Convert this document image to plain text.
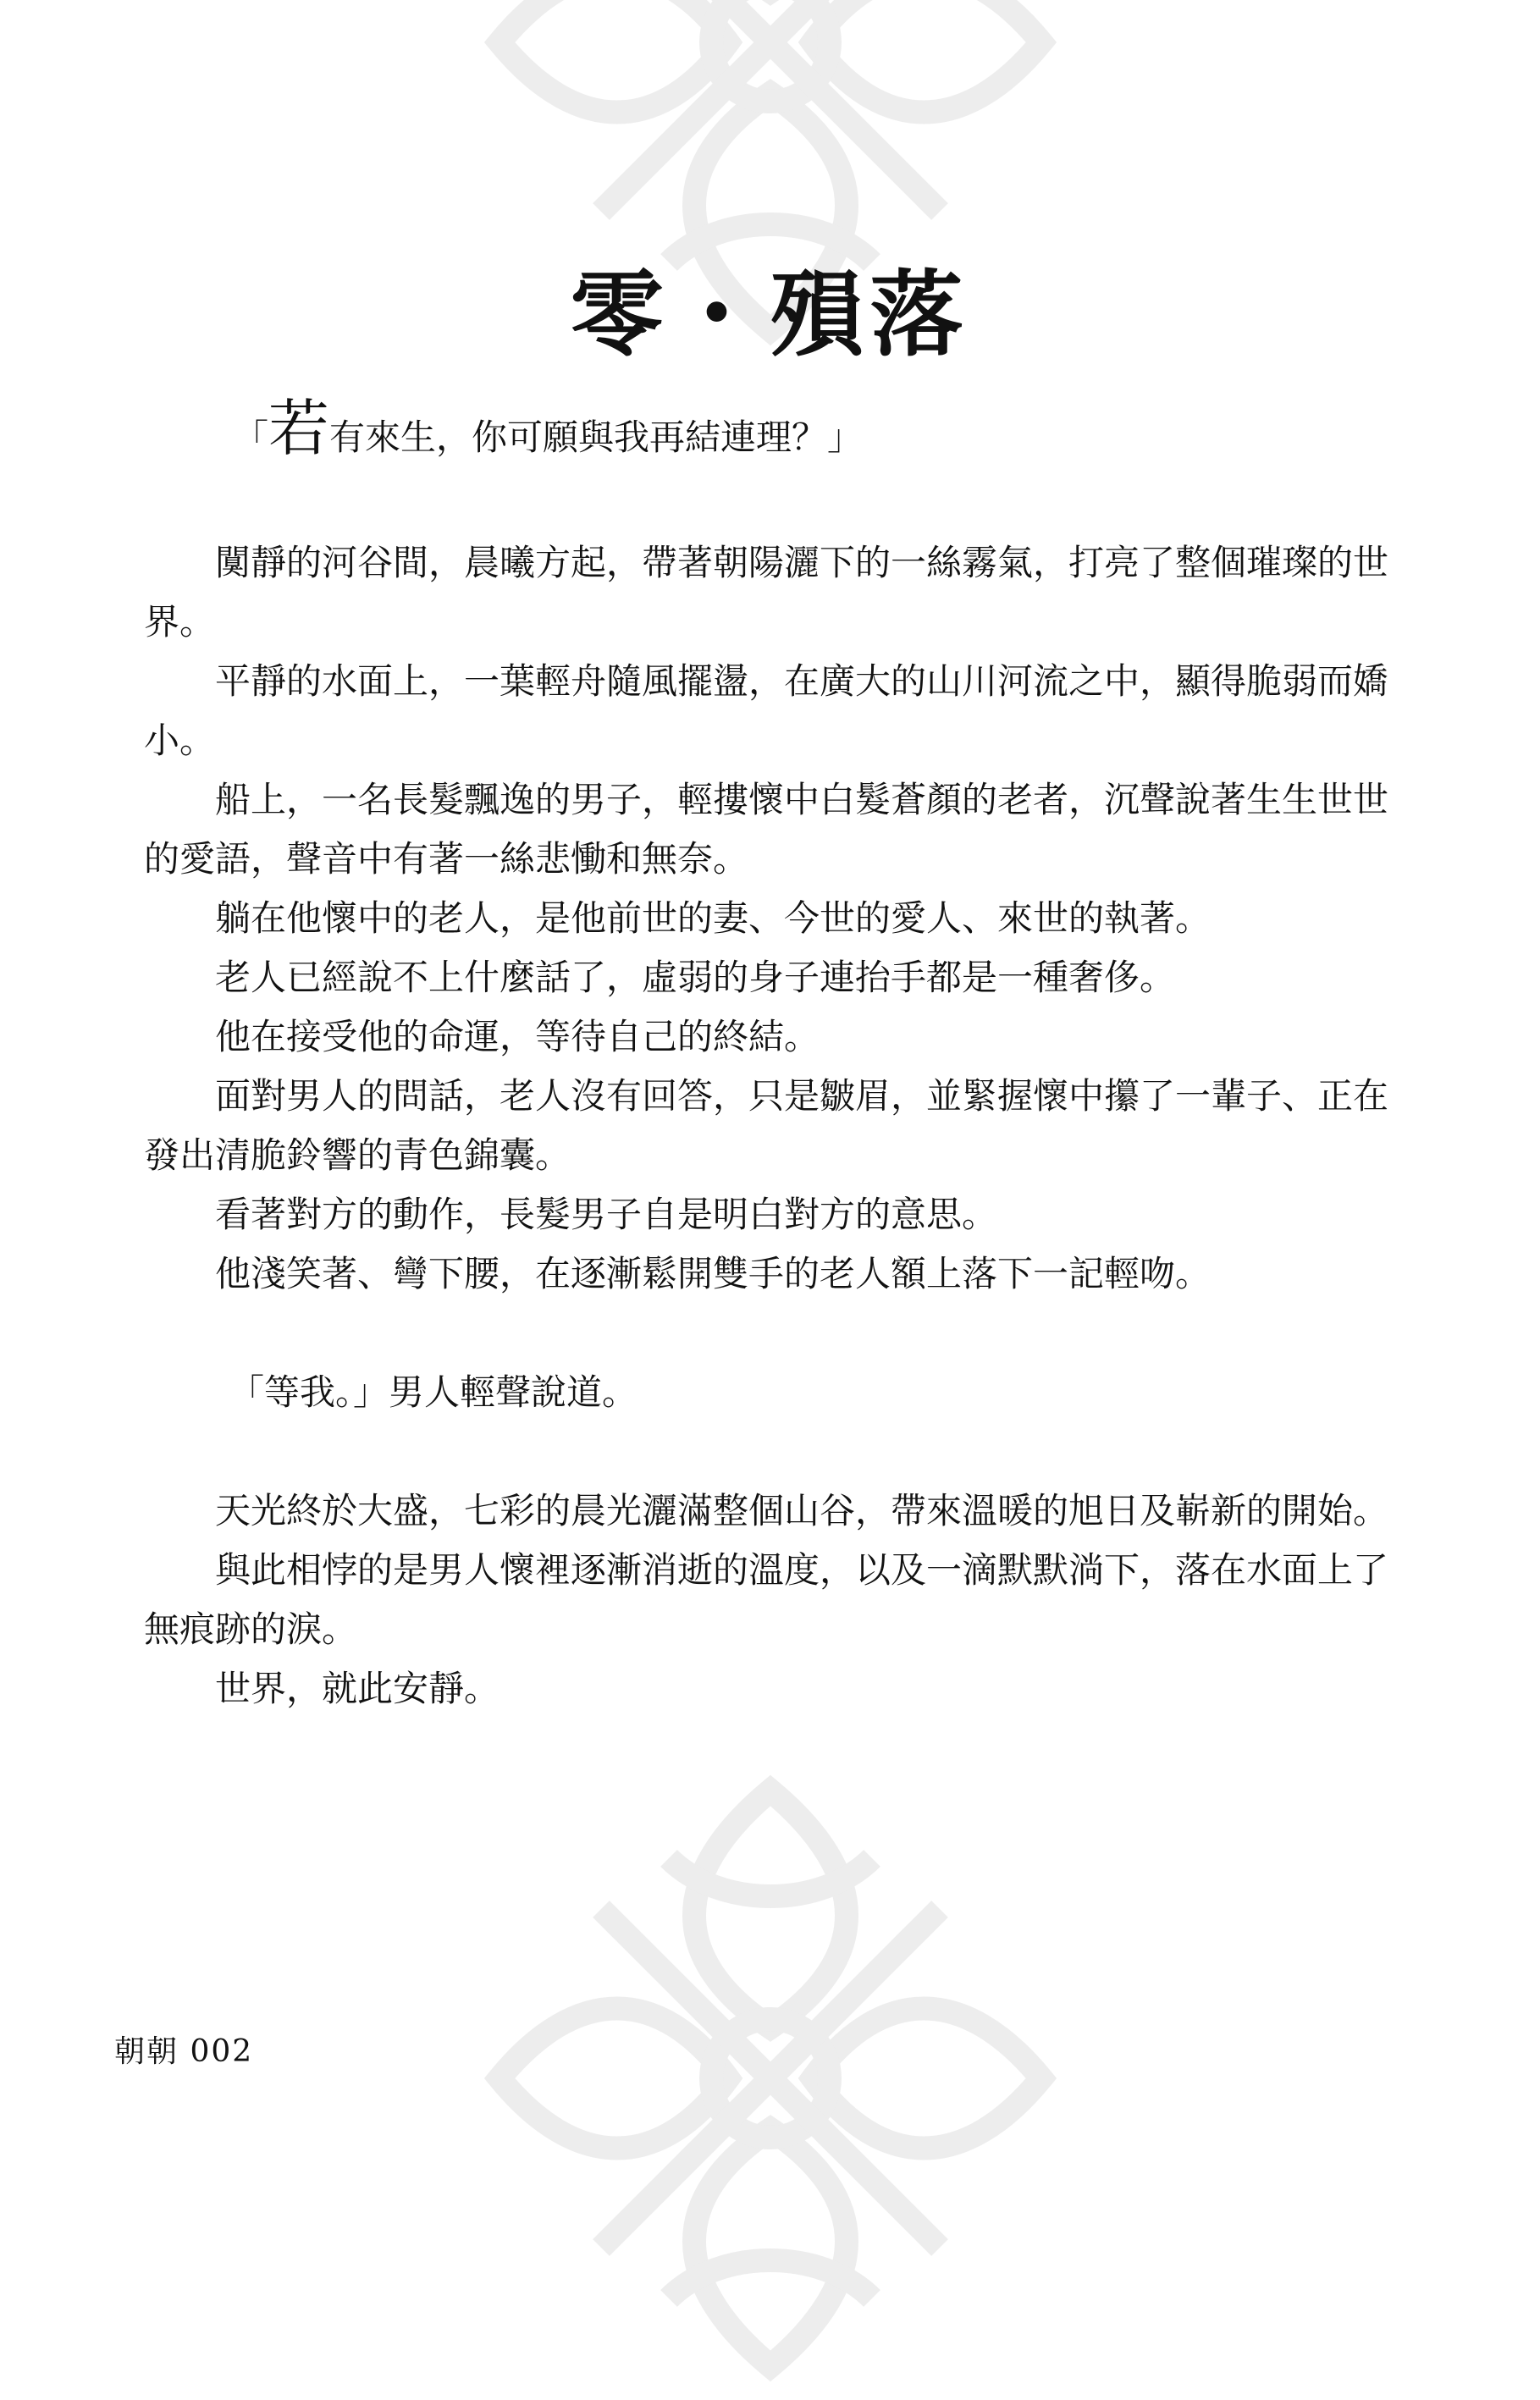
零・殞落
「若有來生，你可願與我再結連理？」

闃靜的河谷間，晨曦方起，帶著朝陽灑下的一絲霧氣，打亮了整個璀璨的世界。

平靜的水面上，一葉輕舟隨風擺盪，在廣大的山川河流之中，顯得脆弱而嬌小。

船上，一名長髮飄逸的男子，輕摟懷中白髮蒼顏的老者，沉聲說著生生世世的愛語，聲音中有著一絲悲慟和無奈。

躺在他懷中的老人，是他前世的妻、今世的愛人、來世的執著。

老人已經說不上什麼話了，虛弱的身子連抬手都是一種奢侈。

他在接受他的命運，等待自己的終結。

面對男人的問話，老人沒有回答，只是皺眉，並緊握懷中攥了一輩子、正在發出清脆鈴響的青色錦囊。

看著對方的動作，長髮男子自是明白對方的意思。

他淺笑著、彎下腰，在逐漸鬆開雙手的老人額上落下一記輕吻。

「等我。」男人輕聲說道。

天光終於大盛，七彩的晨光灑滿整個山谷，帶來溫暖的旭日及嶄新的開始。

與此相悖的是男人懷裡逐漸消逝的溫度，以及一滴默默淌下，落在水面上了無痕跡的淚。

世界，就此安靜。

朝朝 002
